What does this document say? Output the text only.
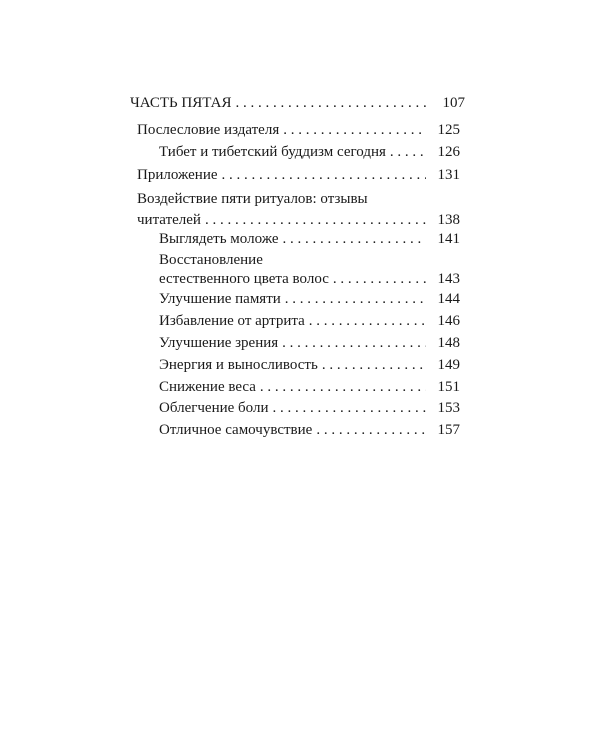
ЧАСТЬ ПЯТАЯ . . .	107
Послесловие издателя . . .	125
Тибет и тибетский буддизм сегодня . . .	126
Приложение . . .	131
Воздействие пяти ритуалов: отзывы
читателей . . .	138
Выглядеть моложе . . .	141
Восстановление
естественного цвета волос . . .	143
Улучшение памяти . . .	144
Избавление от артрита . . .	146
Улучшение зрения . . .	148
Энергия и выносливость . . .	149
Снижение веса . . .	151
Облегчение боли . . .	153
Отличное самочувствие . . .	157
